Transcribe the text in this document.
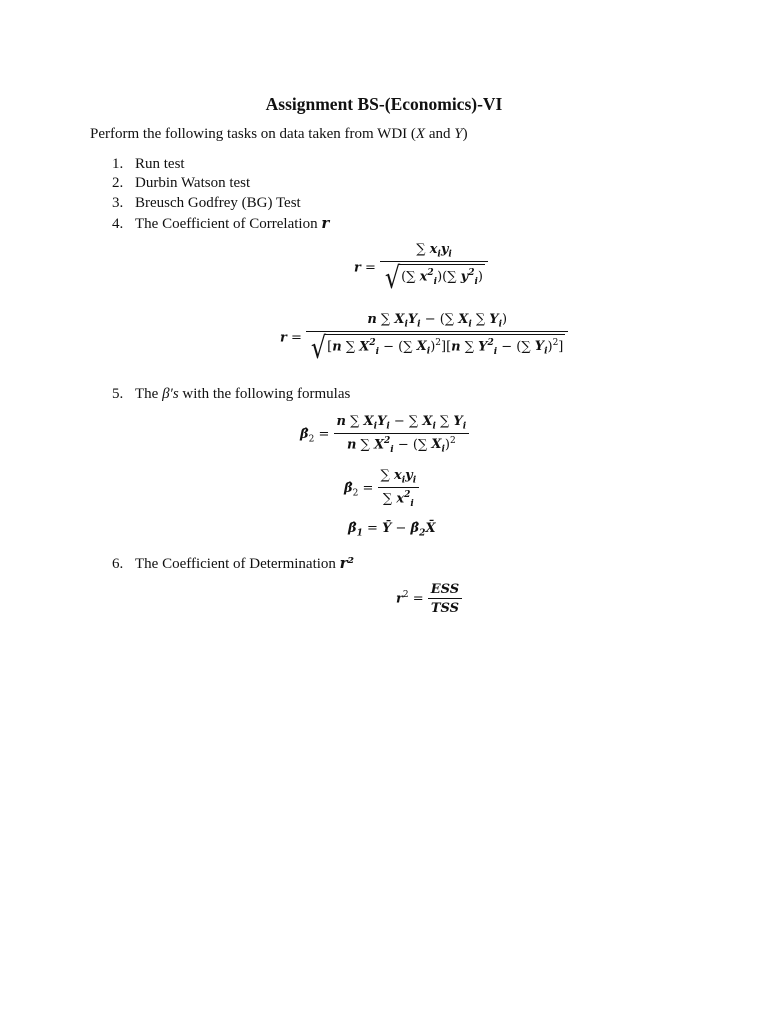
Assignment BS-(Economics)-VI
Perform the following tasks on data taken from WDI (X and Y)
1. Run test
2. Durbin Watson test
3. Breusch Godfrey (BG) Test
4. The Coefficient of Correlation r
$r = \frac{\sum x_iy_i}{√ (\sum x^2_i)(\sum y^2_i)}$
$r = \frac{n \sum X_iY_i - (\sum X_i \sum Y_i)}{√ [n \sum X^2_i - (\sum X_i)^2][n \sum Y^2_i - (\sum Y_i)^2]}$
5. The β′s with the following formulas
$\betâ_2 = \frac{n \sum X_iY_i - \sum X_i \sum Y_i}{n \sum X^2_i - (\sum X_i)^2}$
$\betâ_2 = \frac{\sum x_iy_i}{\sum x^2_i}$
$\betâ_1$ = Ȳ − $\betâ_2X̄$
6. The Coefficient of Determination r²
$r^2 = \frac{\text{ESS}}{\text{TSS}}$
